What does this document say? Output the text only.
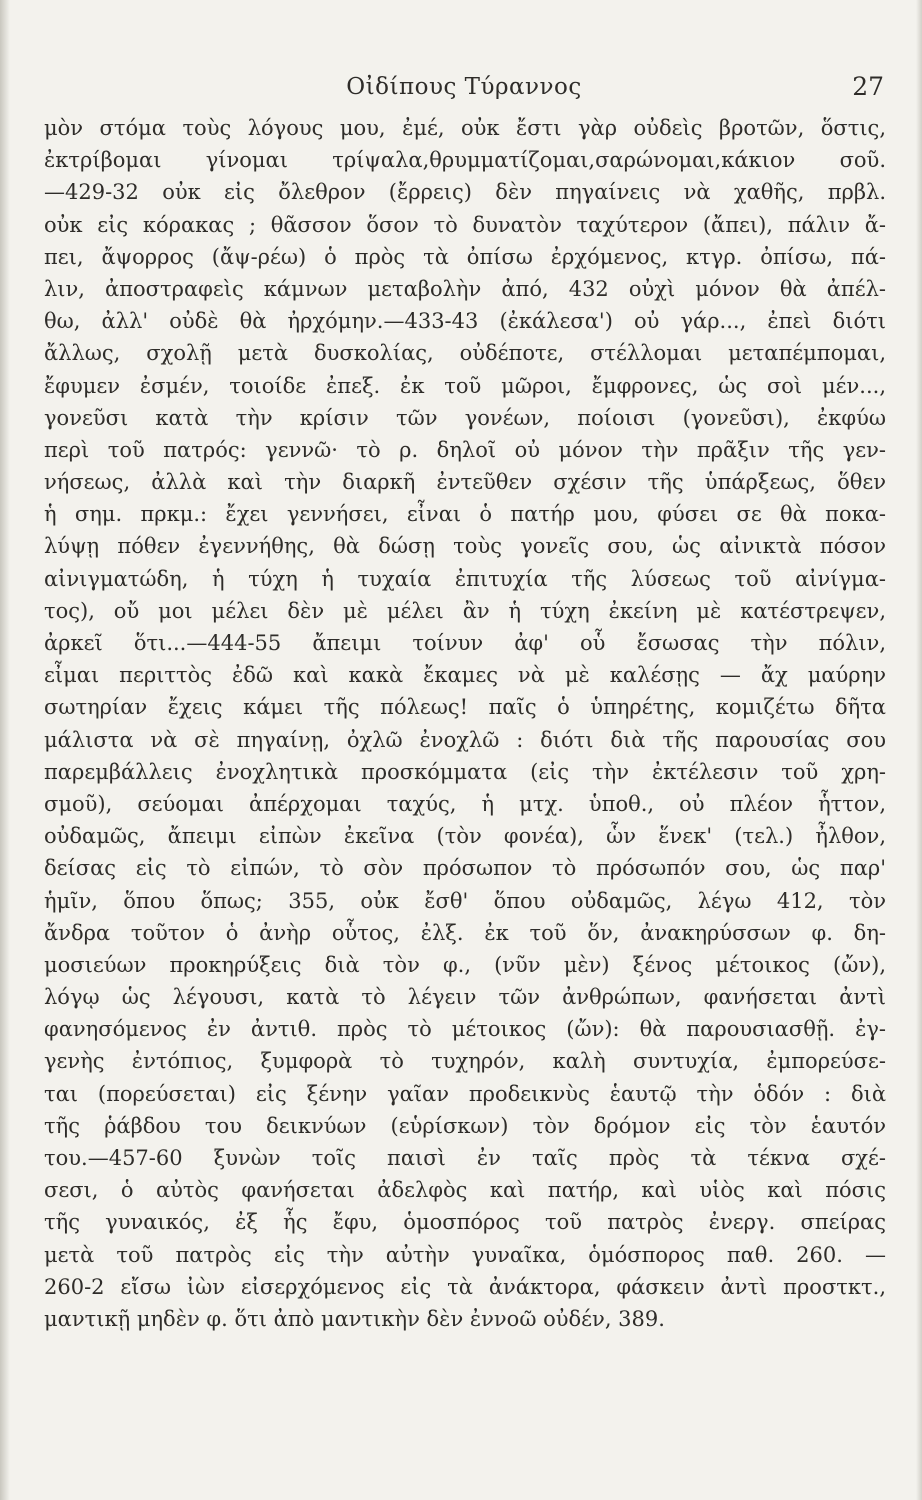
Οἰδίπους Τύραννος	27
μὸν στόμα τοὺς λόγους μου, ἐμέ, οὐκ ἔστι γὰρ οὐδεὶς βροτῶν, ὅστις,
ἐκτρίβομαι γίνομαι τρίψαλα,θρυμματίζομαι,σαρώνομαι,κάκιον σοῦ.
—429-32 οὐκ εἰς ὄλεθρον (ἔρρεις) δὲν πηγαίνεις νὰ χαθῆς, πρβλ.
οὐκ εἰς κόρακας ; θᾶσσον ὅσον τὸ δυνατὸν ταχύτερον (ἄπει), πάλιν ἄ-
πει, ἄψορρος (ἄψ-ρέω) ὁ πρὸς τὰ ὀπίσω ἐρχόμενος, κτγρ. ὀπίσω, πά-
λιν, ἀποστραφεὶς κάμνων μεταβολὴν ἀπό, 432 οὐχὶ μόνον θὰ ἀπέλ-
θω, ἀλλ' οὐδὲ θὰ ἠρχόμην.—433-43 (ἐκάλεσα') οὐ γάρ..., ἐπεὶ διότι
ἄλλως, σχολῇ μετὰ δυσκολίας, οὐδέποτε, στέλλομαι μεταπέμπομαι,
ἔφυμεν ἐσμέν, τοιοίδε ἐπεξ. ἐκ τοῦ μῶροι, ἔμφρονες, ὡς σοὶ μέν...,
γονεῦσι κατὰ τὴν κρίσιν τῶν γονέων, ποίοισι (γονεῦσι), ἐκφύω
περὶ τοῦ πατρός: γεννῶ· τὸ ρ. δηλοῖ οὐ μόνον τὴν πρᾶξιν τῆς γεν-
νήσεως, ἀλλὰ καὶ τὴν διαρκῆ ἐντεῦθεν σχέσιν τῆς ὑπάρξεως, ὅθεν
ἡ σημ. πρκμ.: ἔχει γεννήσει, εἶναι ὁ πατήρ μου, φύσει σε θὰ ποκα-
λύψῃ πόθεν ἐγεννήθης, θὰ δώσῃ τοὺς γονεῖς σου, ὡς αἰνικτὰ πόσον
αἰνιγματώδη, ἡ τύχη ἡ τυχαία ἐπιτυχία τῆς λύσεως τοῦ αἰνίγμα-
τος), οὔ μοι μέλει δὲν μὲ μέλει ἂν ἡ τύχη ἐκείνη μὲ κατέστρεψεν,
ἀρκεῖ ὅτι...—444-55 ἄπειμι τοίνυν ἀφ' οὗ ἔσωσας τὴν πόλιν,
εἶμαι περιττὸς ἐδῶ καὶ κακὰ ἔκαμες νὰ μὲ καλέσῃς — ἄχ μαύρην
σωτηρίαν ἔχεις κάμει τῆς πόλεως! παῖς ὁ ὑπηρέτης, κομιζέτω δῆτα
μάλιστα νὰ σὲ πηγαίνῃ, ὀχλῶ ἐνοχλῶ : διότι διὰ τῆς παρουσίας σου
παρεμβάλλεις ἐνοχλητικὰ προσκόμματα (εἰς τὴν ἐκτέλεσιν τοῦ χρη-
σμοῦ), σεύομαι ἀπέρχομαι ταχύς, ἡ μτχ. ὑποθ., οὐ πλέον ἧττον,
οὐδαμῶς, ἄπειμι εἰπὼν ἐκεῖνα (τὸν φονέα), ὧν ἕνεκ' (τελ.) ἦλθον,
δείσας εἰς τὸ εἰπών, τὸ σὸν πρόσωπον τὸ πρόσωπόν σου, ὡς παρ'
ἡμῖν, ὅπου ὅπως; 355, οὐκ ἔσθ' ὅπου οὐδαμῶς, λέγω 412, τὸν
ἄνδρα τοῦτον ὁ ἀνὴρ οὗτος, ἐλξ. ἐκ τοῦ ὅν, ἀνακηρύσσων φ. δη-
μοσιεύων προκηρύξεις διὰ τὸν φ., (νῦν μὲν) ξένος μέτοικος (ὤν),
λόγῳ ὡς λέγουσι, κατὰ τὸ λέγειν τῶν ἀνθρώπων, φανήσεται ἀντὶ
φανησόμενος ἐν ἀντιθ. πρὸς τὸ μέτοικος (ὤν): θὰ παρουσιασθῇ. ἐγ-
γενὴς ἐντόπιος, ξυμφορὰ τὸ τυχηρόν, καλὴ συντυχία, ἐμπορεύσε-
ται (πορεύσεται) εἰς ξένην γαῖαν προδεικνὺς ἑαυτῷ τὴν ὁδόν : διὰ
τῆς ῥάβδου του δεικνύων (εὑρίσκων) τὸν δρόμον εἰς τὸν ἑαυτόν
του.—457-60 ξυνὼν τοῖς παισὶ ἐν ταῖς πρὸς τὰ τέκνα σχέ-
σεσι, ὁ αὐτὸς φανήσεται ἀδελφὸς καὶ πατήρ, καὶ υἱὸς καὶ πόσις
τῆς γυναικός, ἐξ ἧς ἔφυ, ὁμοσπόρος τοῦ πατρὸς ἐνεργ. σπείρας
μετὰ τοῦ πατρὸς εἰς τὴν αὐτὴν γυναῖκα, ὁμόσπορος παθ. 260. —
260-2 εἴσω ἰὼν εἰσερχόμενος εἰς τὰ ἀνάκτορα, φάσκειν ἀντὶ προστκτ.,
μαντικῇ μηδὲν φ. ὅτι ἀπὸ μαντικὴν δὲν ἐννοῶ οὐδέν, 389.
